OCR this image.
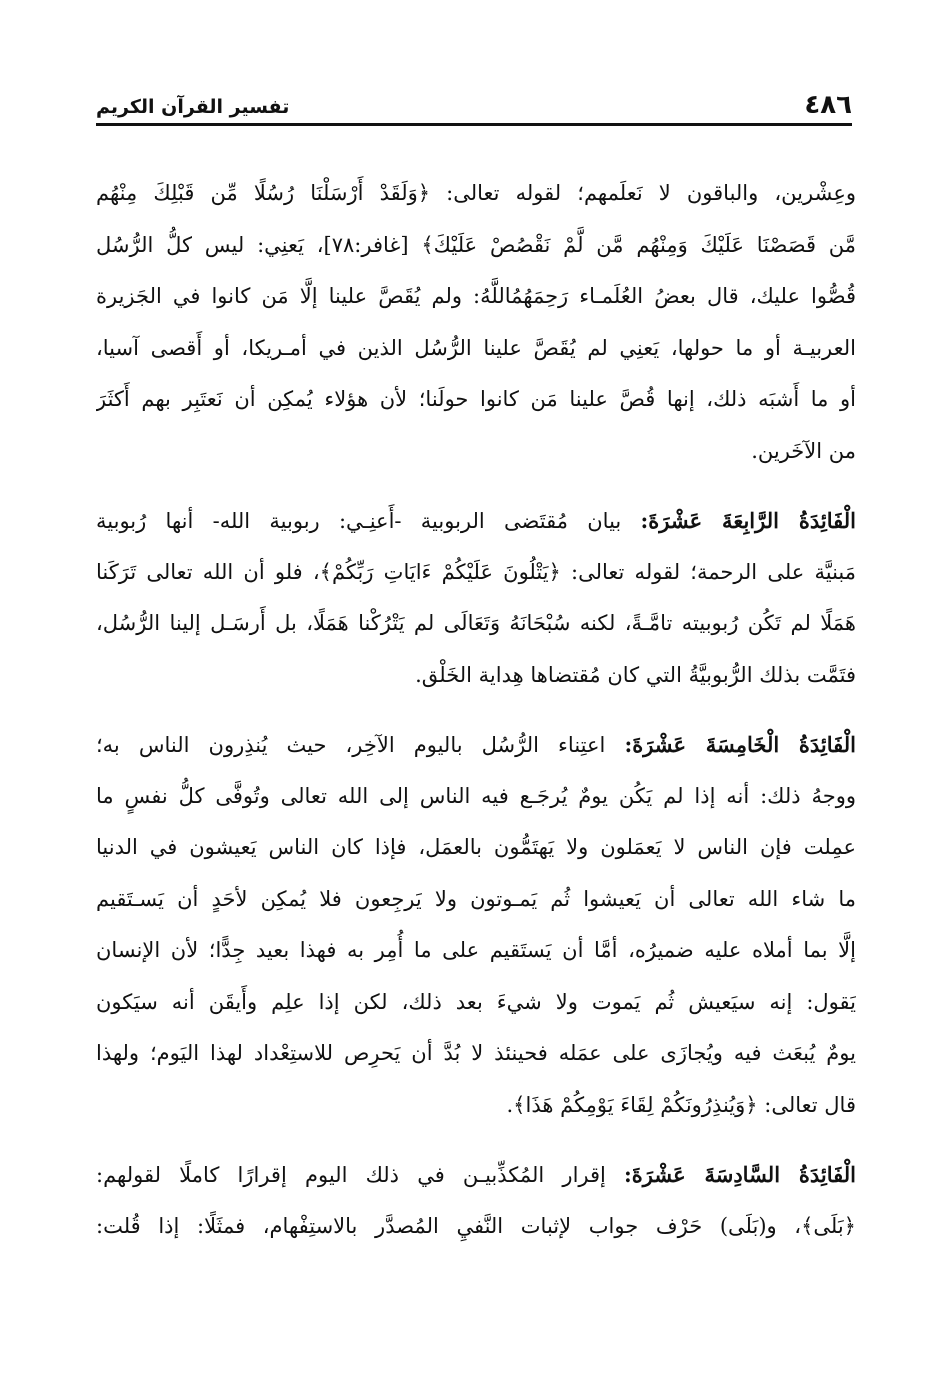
٤٨٦
تفسير القرآن الكريم

وعِشْرين، والباقون لا نَعلَمهم؛ لقوله تعالى: ﴿وَلَقَدْ أَرْسَلْنَا رُسُلًا مِّن قَبْلِكَ مِنْهُم
مَّن قَصَصْنَا عَلَيْكَ وَمِنْهُم مَّن لَّمْ نَقْصُصْ عَلَيْكَ﴾ [غافر:٧٨]، يَعنِي: ليس كلُّ الرُّسُل
قُصُّوا عليك، قال بعضُ العُلَمـاء رَحِمَهُمُاللَّهُ: ولم يُقَصَّ علينا إلَّا مَن كانوا في الجَزيرة
العربيـة أو ما حولها، يَعنِي لم يُقَصَّ علينا الرُّسُل الذين في أمـريكا، أو أَقصى آسيا،
أو ما أَشبَه ذلك، إنها قُصَّ علينا مَن كانوا حولَنا؛ لأن هؤلاء يُمكِن أن نَعتَبِر بهم أَكثَرَ
من الآخَرين.

الْفَائِدَةُ الرَّابِعَةَ عَشْرَةَ: بيان مُقتَضى الربوبية -أَعنِـي: ربوبية الله- أنها رُبوبية
مَبنيَّة على الرحمة؛ لقوله تعالى: ﴿يَتْلُونَ عَلَيْكُمْ ءَايَاتِ رَبِّكُمْ﴾، فلو أن الله تعالى تَرَكَنا
هَمَلًا لم تَكُن رُبوبيته تامَّـةً، لكنه سُبْحَانَهُ وَتَعَالَى لم يَتْرُكْنا هَمَلًا، بل أَرسَـل إلينا الرُّسُل،
فتَمَّت بذلك الرُّبوبيَّةُ التي كان مُقتضاها هِداية الخَلْق.

الْفَائِدَةُ الْخَامِسَةَ عَشْرَةَ: اعتِناء الرُّسُل باليوم الآخِر، حيث يُنذِرون الناس به؛
ووجهُ ذلك: أنه إذا لم يَكُن يومٌ يُرجَـع فيه الناس إلى الله تعالى وتُوفَّى كلُّ نفسٍ ما
عمِلت فإن الناس لا يَعمَلون ولا يَهتَمُّون بالعمَل، فإذا كان الناس يَعيشون في الدنيا
ما شاء الله تعالى أن يَعيشوا ثُم يَمـوتون ولا يَرجِعون فلا يُمكِن لأحَدٍ أن يَسـتَقيم
إلَّا بما أملاه عليه ضميرُه، أمَّا أن يَستَقيم على ما أُمِر به فهذا بعيد جِدًّا؛ لأن الإنسان
يَقول: إنه سيَعيش ثُم يَموت ولا شيءَ بعد ذلك، لكن إذا علِم وأَيقَن أنه سيَكون
يومٌ يُبعَث فيه ويُجازَى على عمَله فحينئذ لا بُدَّ أن يَحرِص للاستِعْداد لهذا اليَوم؛ ولهذا
قال تعالى: ﴿وَيُنذِرُونَكُمْ لِقَاءَ يَوْمِكُمْ هَذَا﴾.

الْفَائِدَةُ السَّادِسَةَ عَشْرَةَ: إقرار المُكذِّبيـن في ذلك اليوم إقرارًا كاملًا لقولهم:
﴿بَلَى﴾، و(بَلَى) حَرْف جواب لإثبات النَّفيِ المُصدَّر بالاستِفْهام، فمثَلًا: إذا قُلت:
